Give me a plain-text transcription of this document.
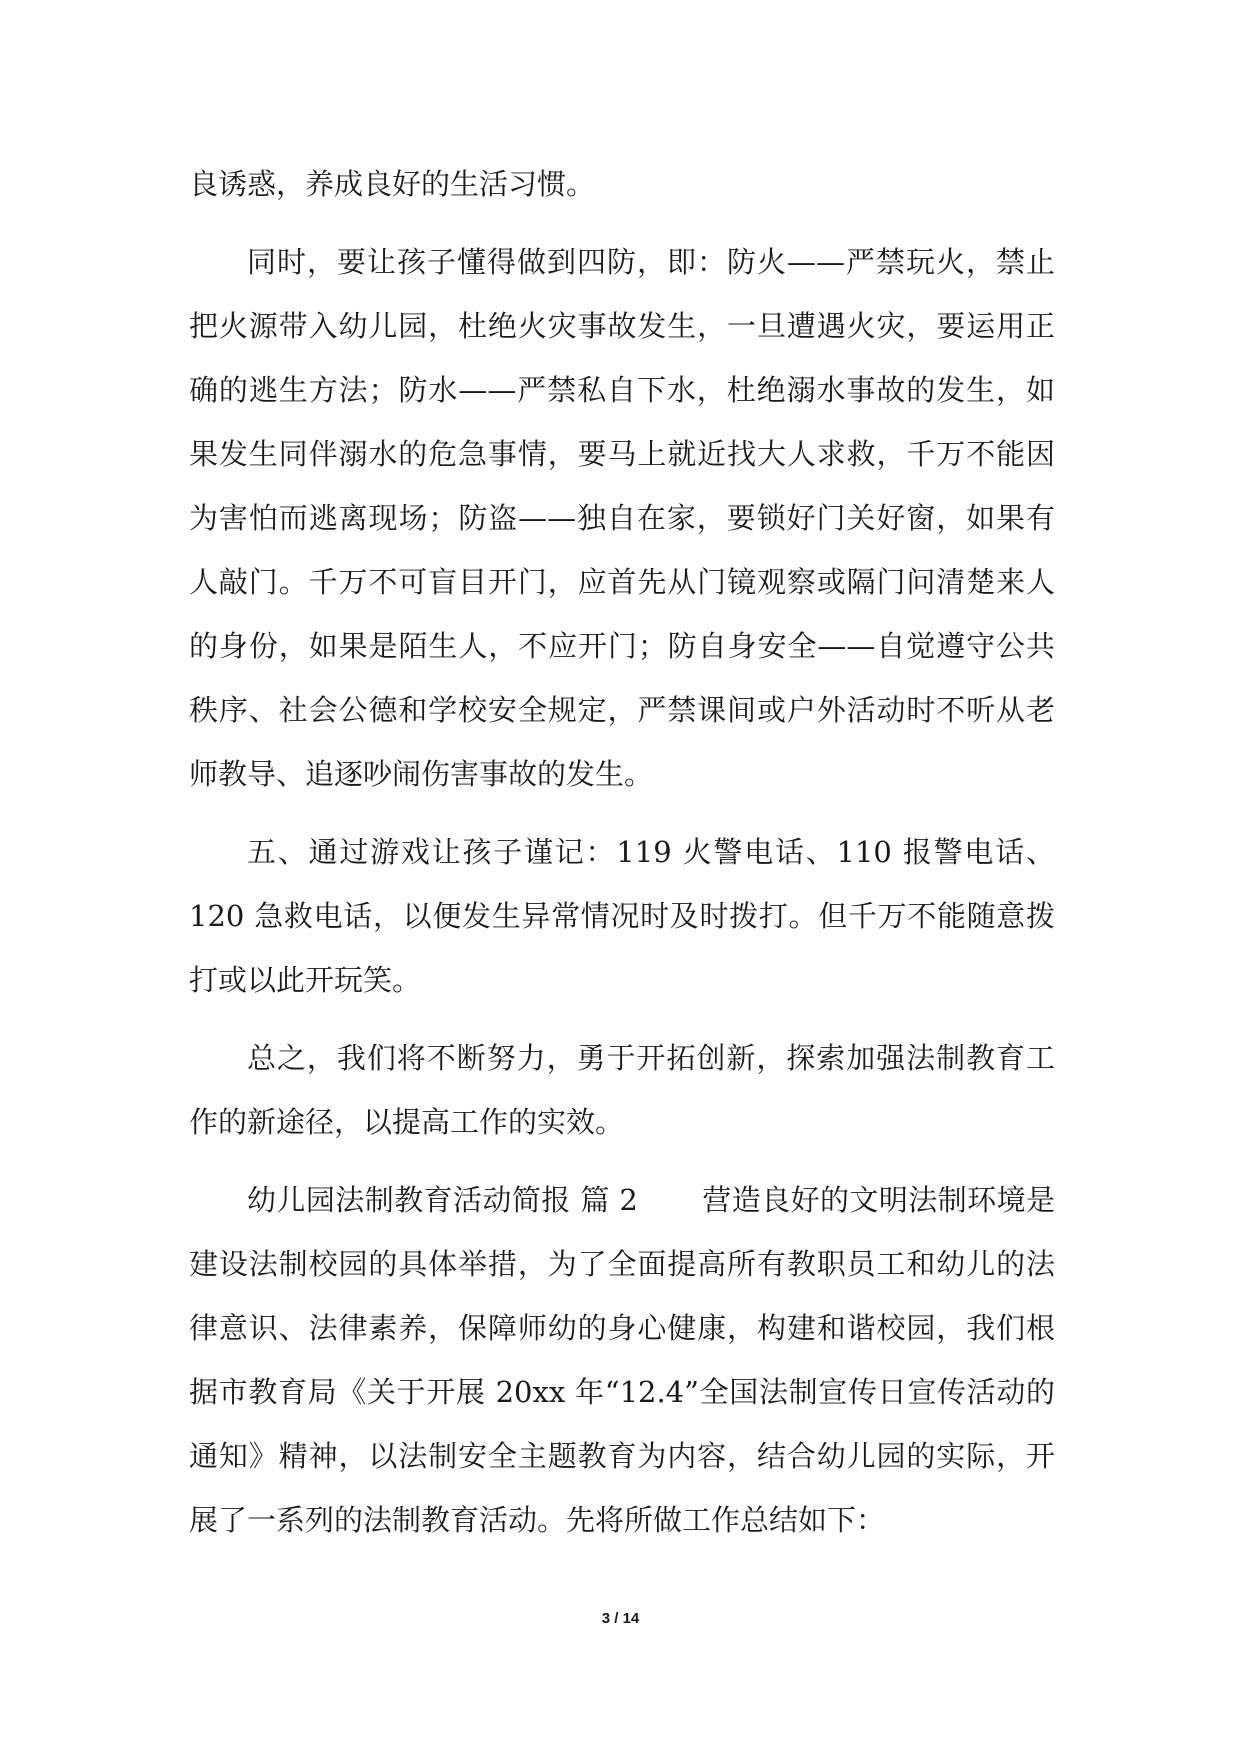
良诱惑，养成良好的生活习惯。

同时，要让孩子懂得做到四防，即：防火——严禁玩火，禁止把火源带入幼儿园，杜绝火灾事故发生，一旦遭遇火灾，要运用正确的逃生方法；防水——严禁私自下水，杜绝溺水事故的发生，如果发生同伴溺水的危急事情，要马上就近找大人求救，千万不能因为害怕而逃离现场；防盗——独自在家，要锁好门关好窗，如果有人敲门。千万不可盲目开门，应首先从门镜观察或隔门问清楚来人的身份，如果是陌生人，不应开门；防自身安全——自觉遵守公共秩序、社会公德和学校安全规定，严禁课间或户外活动时不听从老师教导、追逐吵闹伤害事故的发生。

五、通过游戏让孩子谨记：119 火警电话、110 报警电话、120 急救电话，以便发生异常情况时及时拨打。但千万不能随意拨打或以此开玩笑。

总之，我们将不断努力，勇于开拓创新，探索加强法制教育工作的新途径，以提高工作的实效。

幼儿园法制教育活动简报 篇 2 营造良好的文明法制环境是建设法制校园的具体举措，为了全面提高所有教职员工和幼儿的法律意识、法律素养，保障师幼的身心健康，构建和谐校园，我们根据市教育局《关于开展 20xx 年“12.4”全国法制宣传日宣传活动的通知》精神，以法制安全主题教育为内容，结合幼儿园的实际，开展了一系列的法制教育活动。先将所做工作总结如下：

3 / 14
